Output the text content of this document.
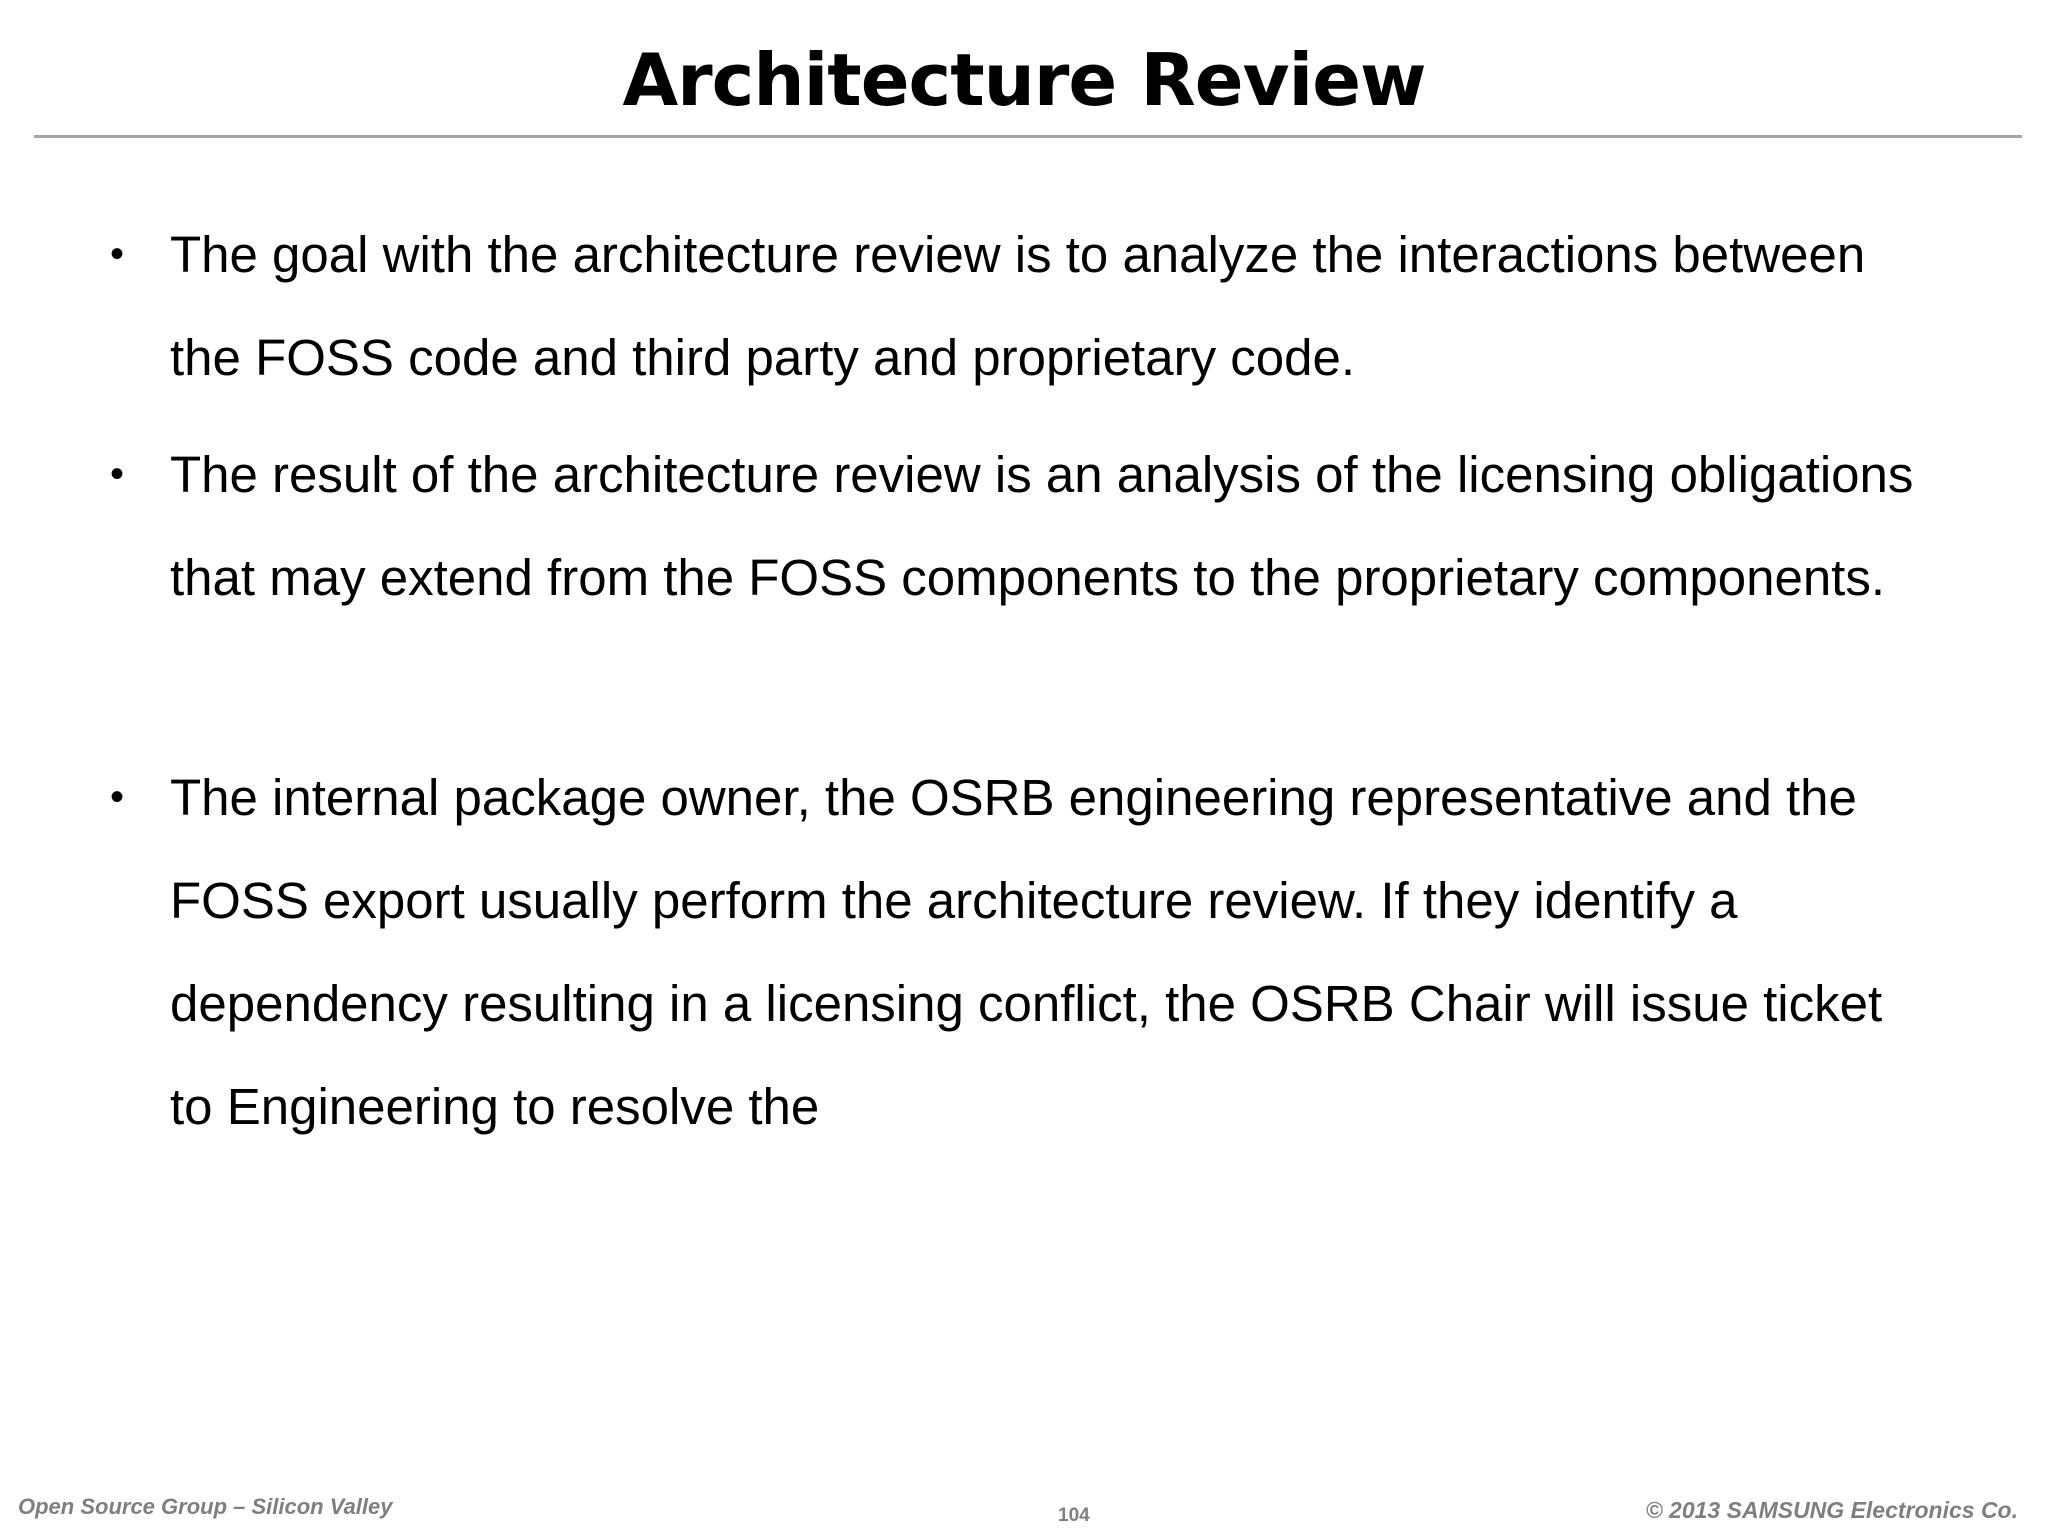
Architecture Review
• The goal with the architecture review is to analyze the interactions between the FOSS code and third party and proprietary code.
• The result of the architecture review is an analysis of the licensing obligations that may extend from the FOSS components to the proprietary components.
• The internal package owner, the OSRB engineering representative and the FOSS export usually perform the architecture review. If they identify a dependency resulting in a licensing conflict, the OSRB Chair will issue ticket to Engineering to resolve the
Open Source Group – Silicon Valley	104	© 2013 SAMSUNG Electronics Co.
